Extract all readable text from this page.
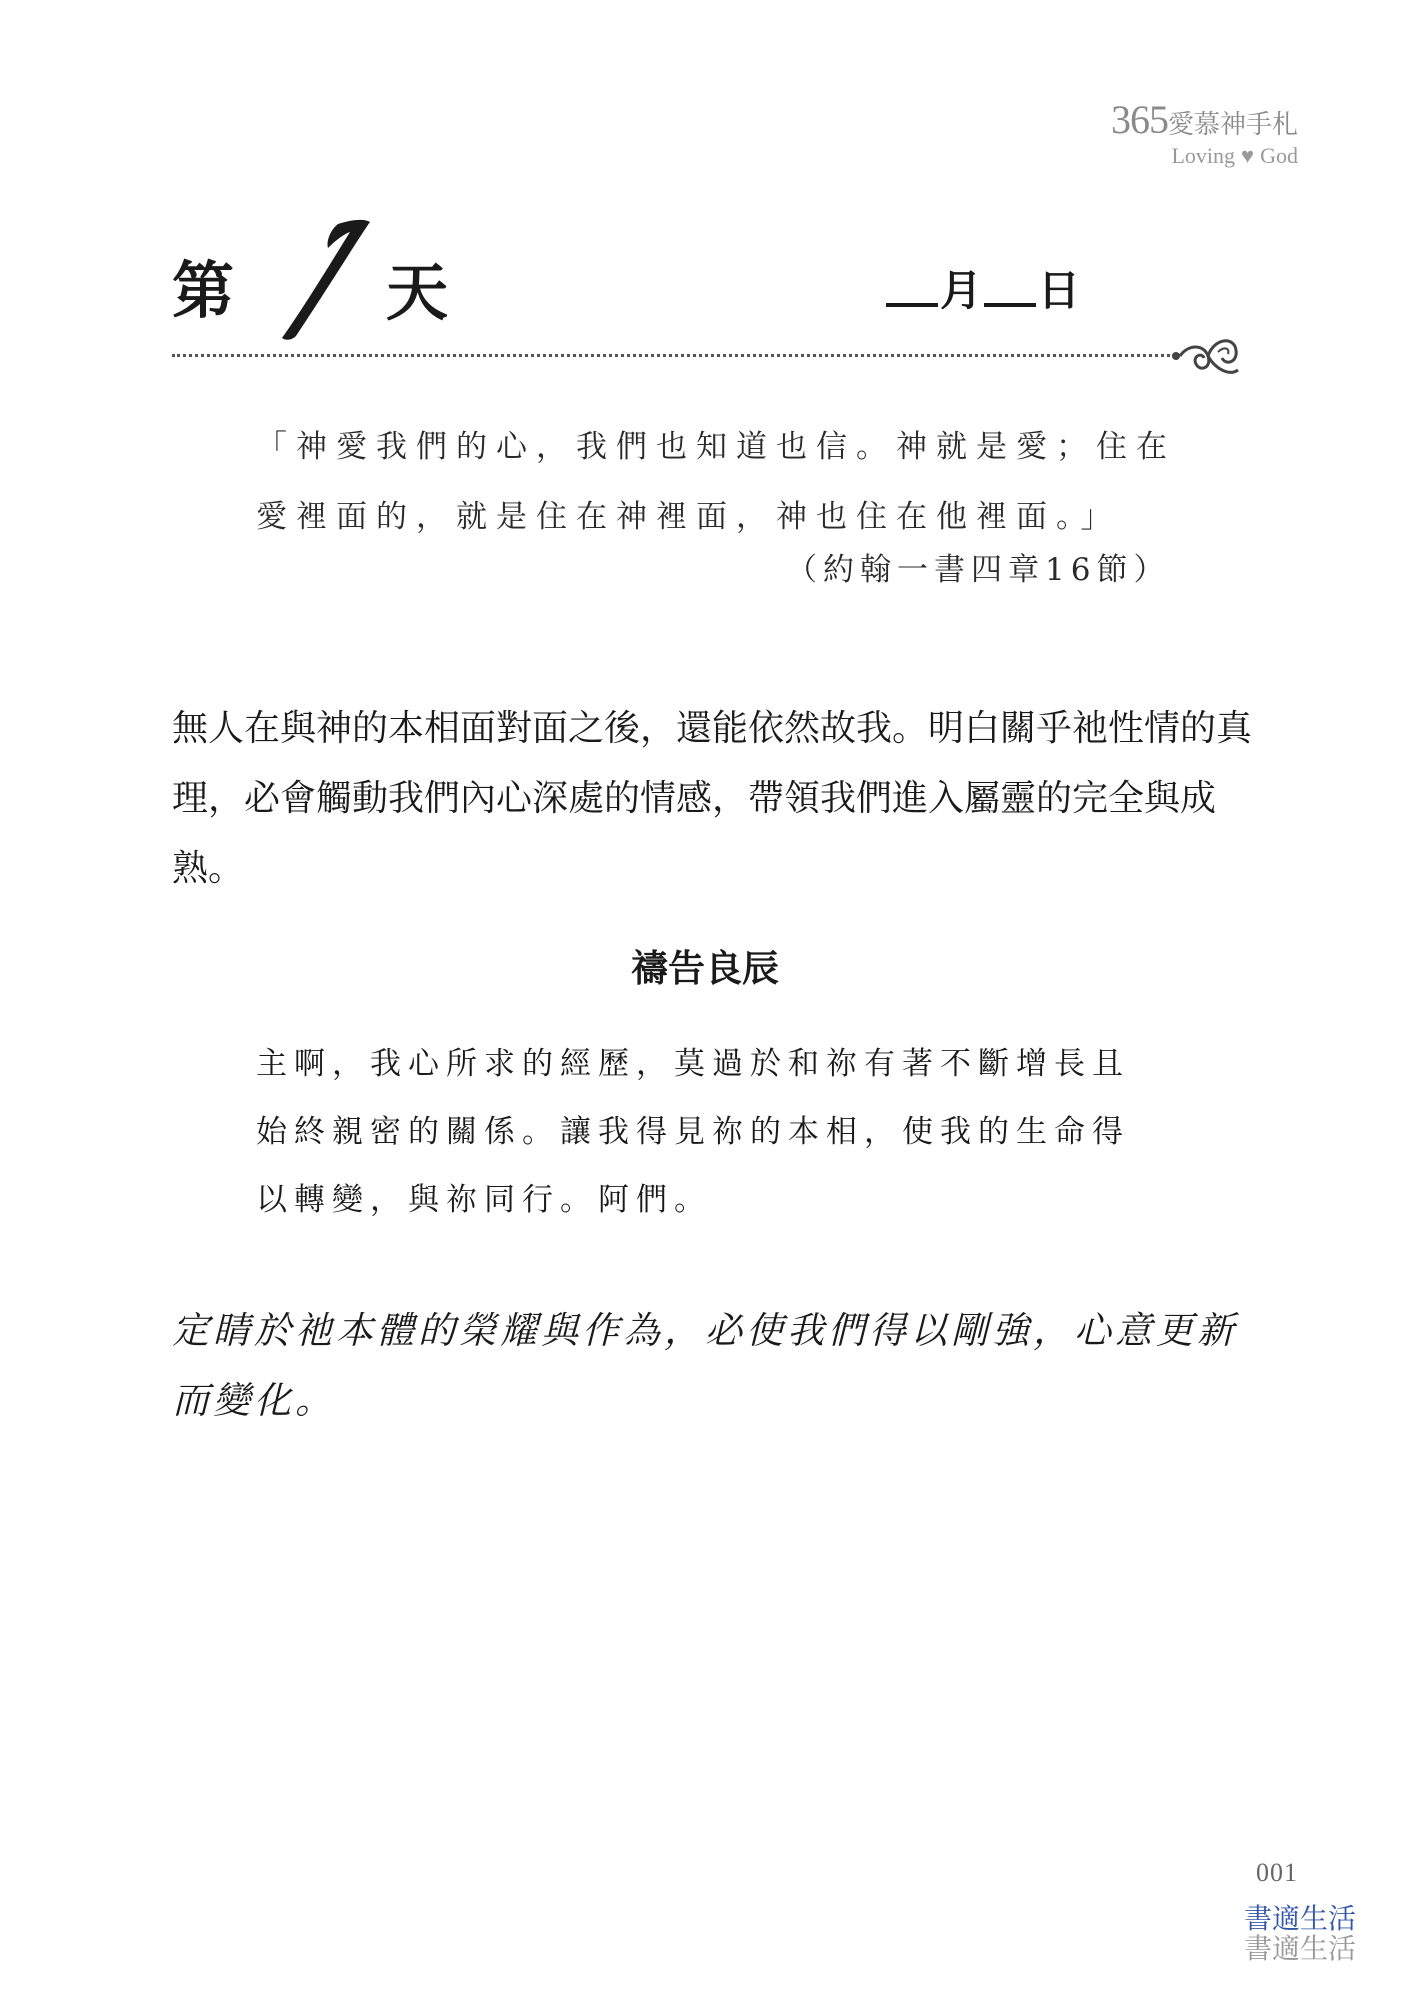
365愛慕神手札
Loving ♥ God
第
1
天	月 日

「神愛我們的心，我們也知道也信。神就是愛；住在

愛裡面的，就是住在神裡面，神也住在他裡面。」

（約翰一書四章16節）

無人在與神的本相面對面之後，還能依然故我。明白關乎祂性情的真理，必會觸動我們內心深處的情感，帶領我們進入屬靈的完全與成熟。

禱告良辰

主啊，我心所求的經歷，莫過於和祢有著不斷增長且

始終親密的關係。讓我得見祢的本相，使我的生命得

以轉變，與祢同行。阿們。

定睛於祂本體的榮耀與作為，必使我們得以剛強，心意更新而變化。

001
書適生活
書適生活
